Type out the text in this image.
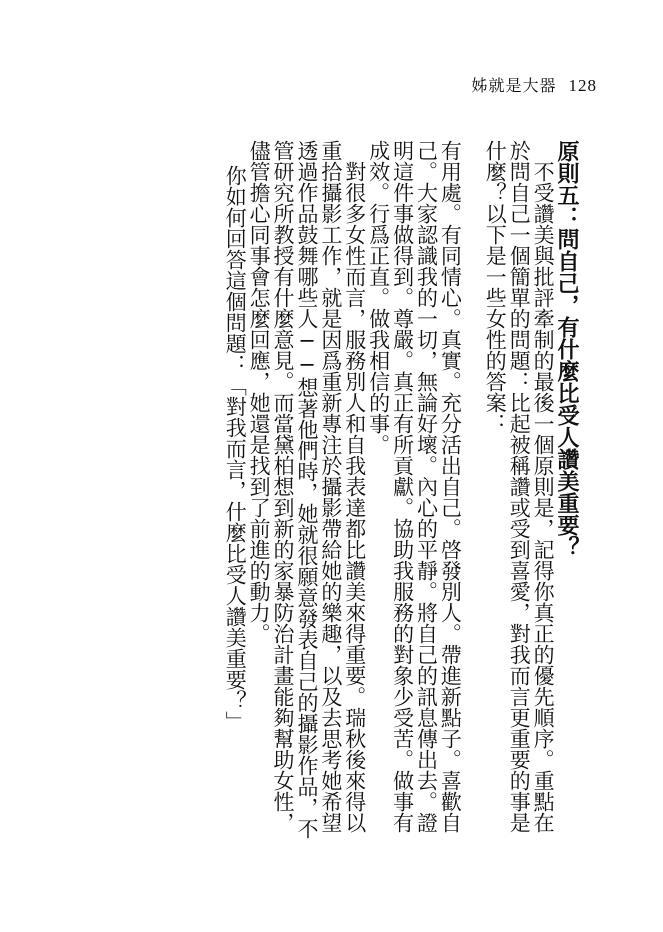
姊就是大器 128
原則五：問自己，有什麼比受人讚美重要？

不受讚美與批評牽制的最後一個原則是，記得你真正的優先順序。重點在於問自己一個簡單的問題：比起被稱讚或受到喜愛，對我而言更重要的事是什麼？以下是一些女性的答案：

有用處。有同情心。真實。充分活出自己。啓發別人。帶進新點子。喜歡自己。大家認識我的一切，無論好壞。內心的平靜。將自己的訊息傳出去。證明這件事做得到。尊嚴。真正有所貢獻。協助我服務的對象少受苦。做事有成效。行爲正直。做我相信的事。

對很多女性而言，服務別人和自我表達都比讚美來得重要。瑞秋後來得以重拾攝影工作，就是因爲重新專注於攝影帶給她的樂趣，以及去思考她希望透過作品鼓舞哪些人──想著他們時，她就很願意發表自己的攝影作品，不管研究所教授有什麼意見。而當黛柏想到新的家暴防治計畫能夠幫助女性，儘管擔心同事會怎麼回應，她還是找到了前進的動力。

你如何回答這個問題：「對我而言，什麼比受人讚美重要？」
